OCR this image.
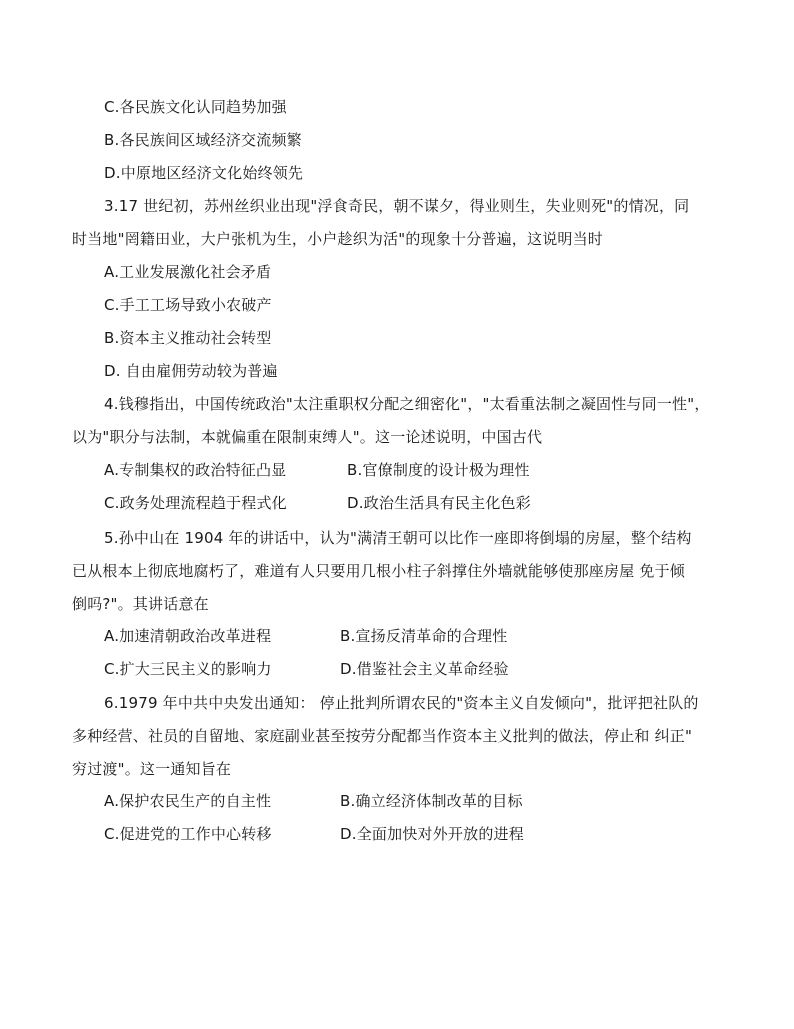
C.各民族文化认同趋势加强
B.各民族间区域经济交流频繁
D.中原地区经济文化始终领先
3.17 世纪初，苏州丝织业出现"浮食奇民，朝不谋夕，得业则生，失业则死"的情况，同
时当地"罔籍田业，大户张机为生，小户趁织为活"的现象十分普遍，这说明当时
A.工业发展激化社会矛盾
C.手工工场导致小农破产
B.资本主义推动社会转型
D. 自由雇佣劳动较为普遍
4.钱穆指出，中国传统政治"太注重职权分配之细密化"，"太看重法制之凝固性与同一性"，
以为"职分与法制，本就偏重在限制束缚人"。这一论述说明，中国古代
A.专制集权的政治特征凸显	B.官僚制度的设计极为理性
C.政务处理流程趋于程式化	D.政治生活具有民主化色彩
5.孙中山在 1904 年的讲话中，认为"满清王朝可以比作一座即将倒塌的房屋，整个结构
已从根本上彻底地腐朽了，难道有人只要用几根小柱子斜撑住外墙就能够使那座房屋 免于倾
倒吗?"。其讲话意在
A.加速清朝政治改革进程	B.宣扬反清革命的合理性
C.扩大三民主义的影响力	D.借鉴社会主义革命经验
6.1979 年中共中央发出通知： 停止批判所谓农民的"资本主义自发倾向"，批评把社队的
多种经营、社员的自留地、家庭副业甚至按劳分配都当作资本主义批判的做法，停止和 纠正"
穷过渡"。这一通知旨在
A.保护农民生产的自主性	B.确立经济体制改革的目标
C.促进党的工作中心转移	D.全面加快对外开放的进程
